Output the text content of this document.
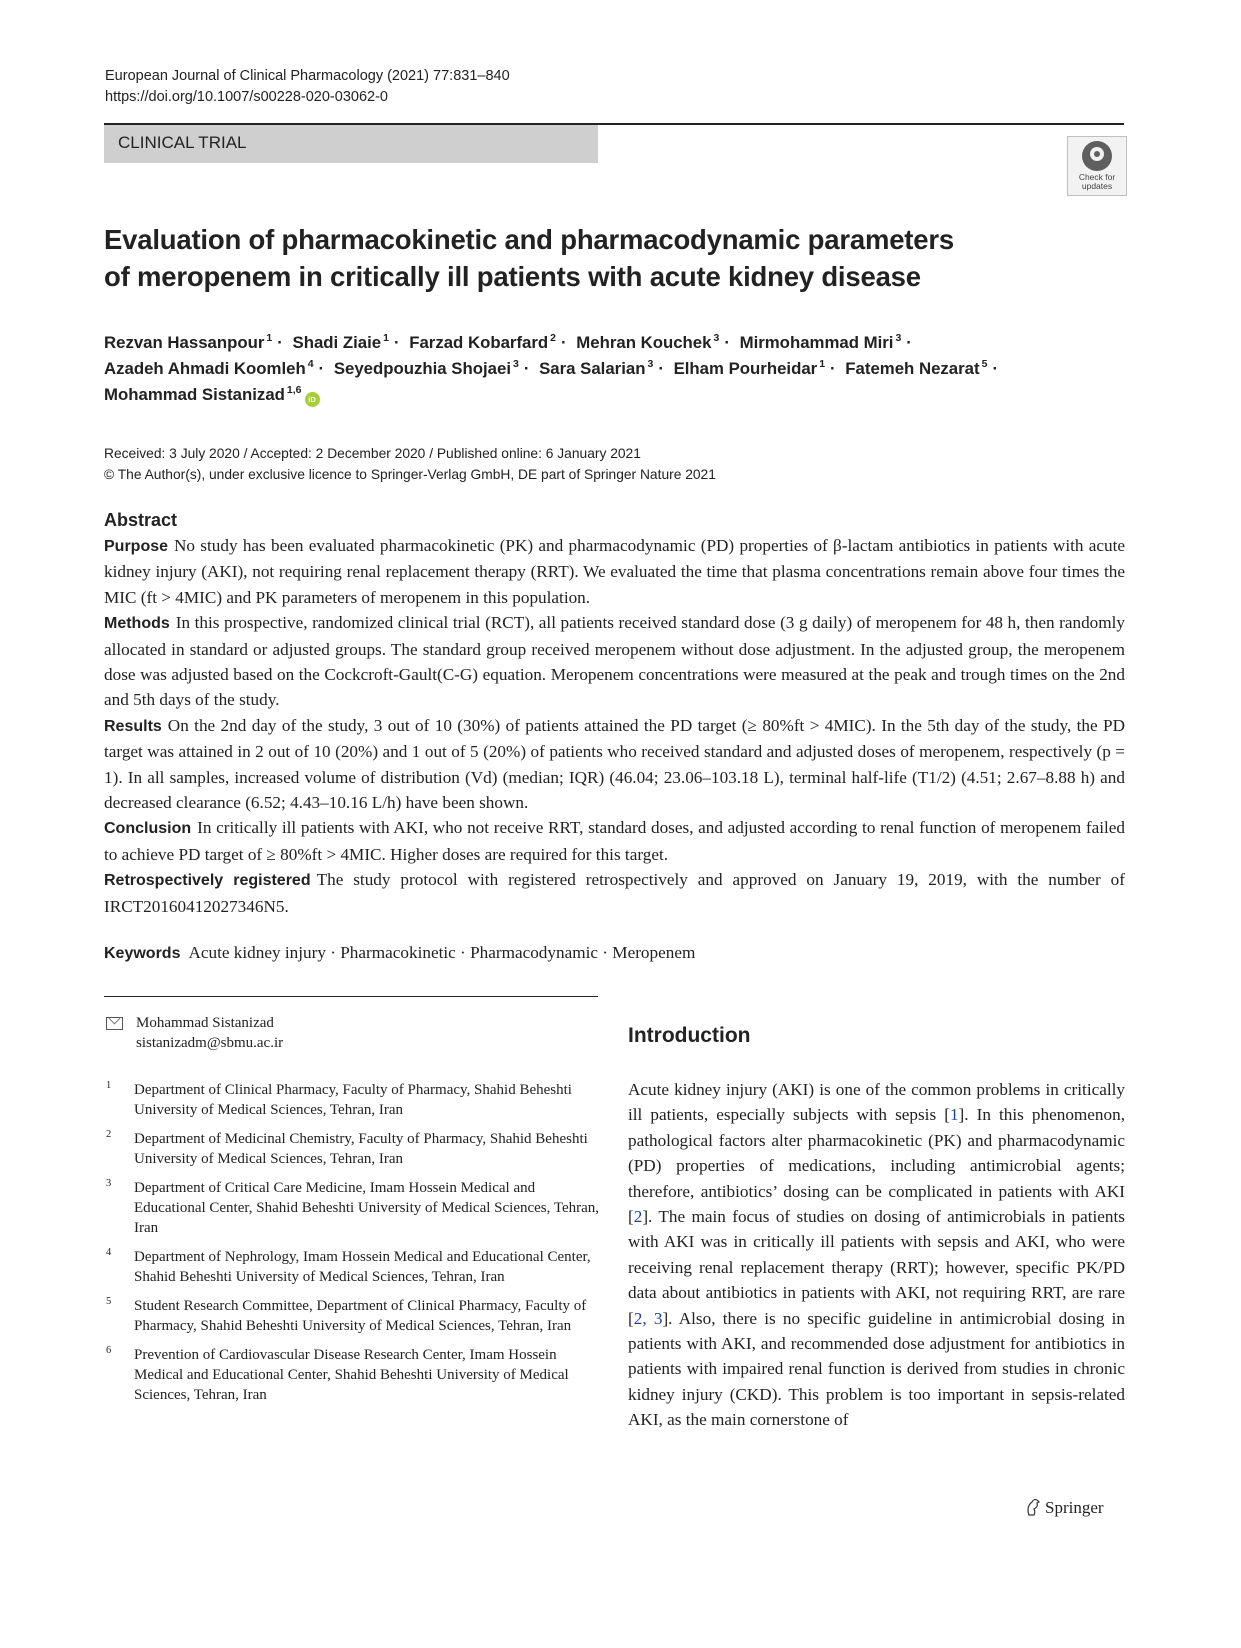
European Journal of Clinical Pharmacology (2021) 77:831–840
https://doi.org/10.1007/s00228-020-03062-0
CLINICAL TRIAL
Check for
updates
Evaluation of pharmacokinetic and pharmacodynamic parameters
of meropenem in critically ill patients with acute kidney disease
Rezvan Hassanpour $^1$ · Shadi Ziaie $^1$ · Farzad Kobarfard $^2$ · Mehran Kouchek $^3$ · Mirmohammad Miri $^3$ ·
Azadeh Ahmadi Koomleh $^4$ · Seyedpouzhia Shojaei $^3$ · Sara Salarian $^3$ · Elham Pourheidar $^1$ · Fatemeh Nezarat $^5$ ·
Mohammad Sistanizad $^{1,6}$iD
Received: 3 July 2020 / Accepted: 2 December 2020 / Published online: 6 January 2021
© The Author(s), under exclusive licence to Springer-Verlag GmbH, DE part of Springer Nature 2021
Abstract

Purpose No study has been evaluated pharmacokinetic (PK) and pharmacodynamic (PD) properties of β-lactam antibiotics in patients with acute kidney injury (AKI), not requiring renal replacement therapy (RRT). We evaluated the time that plasma concentrations remain above four times the MIC (ft > 4MIC) and PK parameters of meropenem in this population.

Methods In this prospective, randomized clinical trial (RCT), all patients received standard dose (3 g daily) of meropenem for 48 h, then randomly allocated in standard or adjusted groups. The standard group received meropenem without dose adjustment. In the adjusted group, the meropenem dose was adjusted based on the Cockcroft-Gault(C-G) equation. Meropenem concentrations were measured at the peak and trough times on the 2nd and 5th days of the study.

Results On the 2nd day of the study, 3 out of 10 (30%) of patients attained the PD target (≥ 80%ft > 4MIC). In the 5th day of the study, the PD target was attained in 2 out of 10 (20%) and 1 out of 5 (20%) of patients who received standard and adjusted doses of meropenem, respectively (p = 1). In all samples, increased volume of distribution (Vd) (median; IQR) (46.04; 23.06–103.18 L), terminal half-life (T1/2) (4.51; 2.67–8.88 h) and decreased clearance (6.52; 4.43–10.16 L/h) have been shown.

Conclusion In critically ill patients with AKI, who not receive RRT, standard doses, and adjusted according to renal function of meropenem failed to achieve PD target of ≥ 80%ft > 4MIC. Higher doses are required for this target.

Retrospectively registered The study protocol with registered retrospectively and approved on January 19, 2019, with the number of IRCT20160412027346N5.

Keywords Acute kidney injury · Pharmacokinetic · Pharmacodynamic · Meropenem
Mohammad Sistanizad
sistanizadm@sbmu.ac.ir
1 Department of Clinical Pharmacy, Faculty of Pharmacy, Shahid Beheshti University of Medical Sciences, Tehran, Iran
2 Department of Medicinal Chemistry, Faculty of Pharmacy, Shahid Beheshti University of Medical Sciences, Tehran, Iran
3 Department of Critical Care Medicine, Imam Hossein Medical and Educational Center, Shahid Beheshti University of Medical Sciences, Tehran, Iran
4 Department of Nephrology, Imam Hossein Medical and Educational Center, Shahid Beheshti University of Medical Sciences, Tehran, Iran
5 Student Research Committee, Department of Clinical Pharmacy, Faculty of Pharmacy, Shahid Beheshti University of Medical Sciences, Tehran, Iran
6 Prevention of Cardiovascular Disease Research Center, Imam Hossein Medical and Educational Center, Shahid Beheshti University of Medical Sciences, Tehran, Iran
Introduction

Acute kidney injury (AKI) is one of the common problems in critically ill patients, especially subjects with sepsis [1]. In this phenomenon, pathological factors alter pharmacokinetic (PK) and pharmacodynamic (PD) properties of medications, including antimicrobial agents; therefore, antibiotics’ dosing can be complicated in patients with AKI [2]. The main focus of studies on dosing of antimicrobials in patients with AKI was in critically ill patients with sepsis and AKI, who were receiving renal replacement therapy (RRT); however, specific PK/PD data about antibiotics in patients with AKI, not requiring RRT, are rare [2, 3]. Also, there is no specific guideline in antimicrobial dosing in patients with AKI, and recommended dose adjustment for antibiotics in patients with impaired renal function is derived from studies in chronic kidney injury (CKD). This problem is too important in sepsis-related AKI, as the main cornerstone of

Springer
